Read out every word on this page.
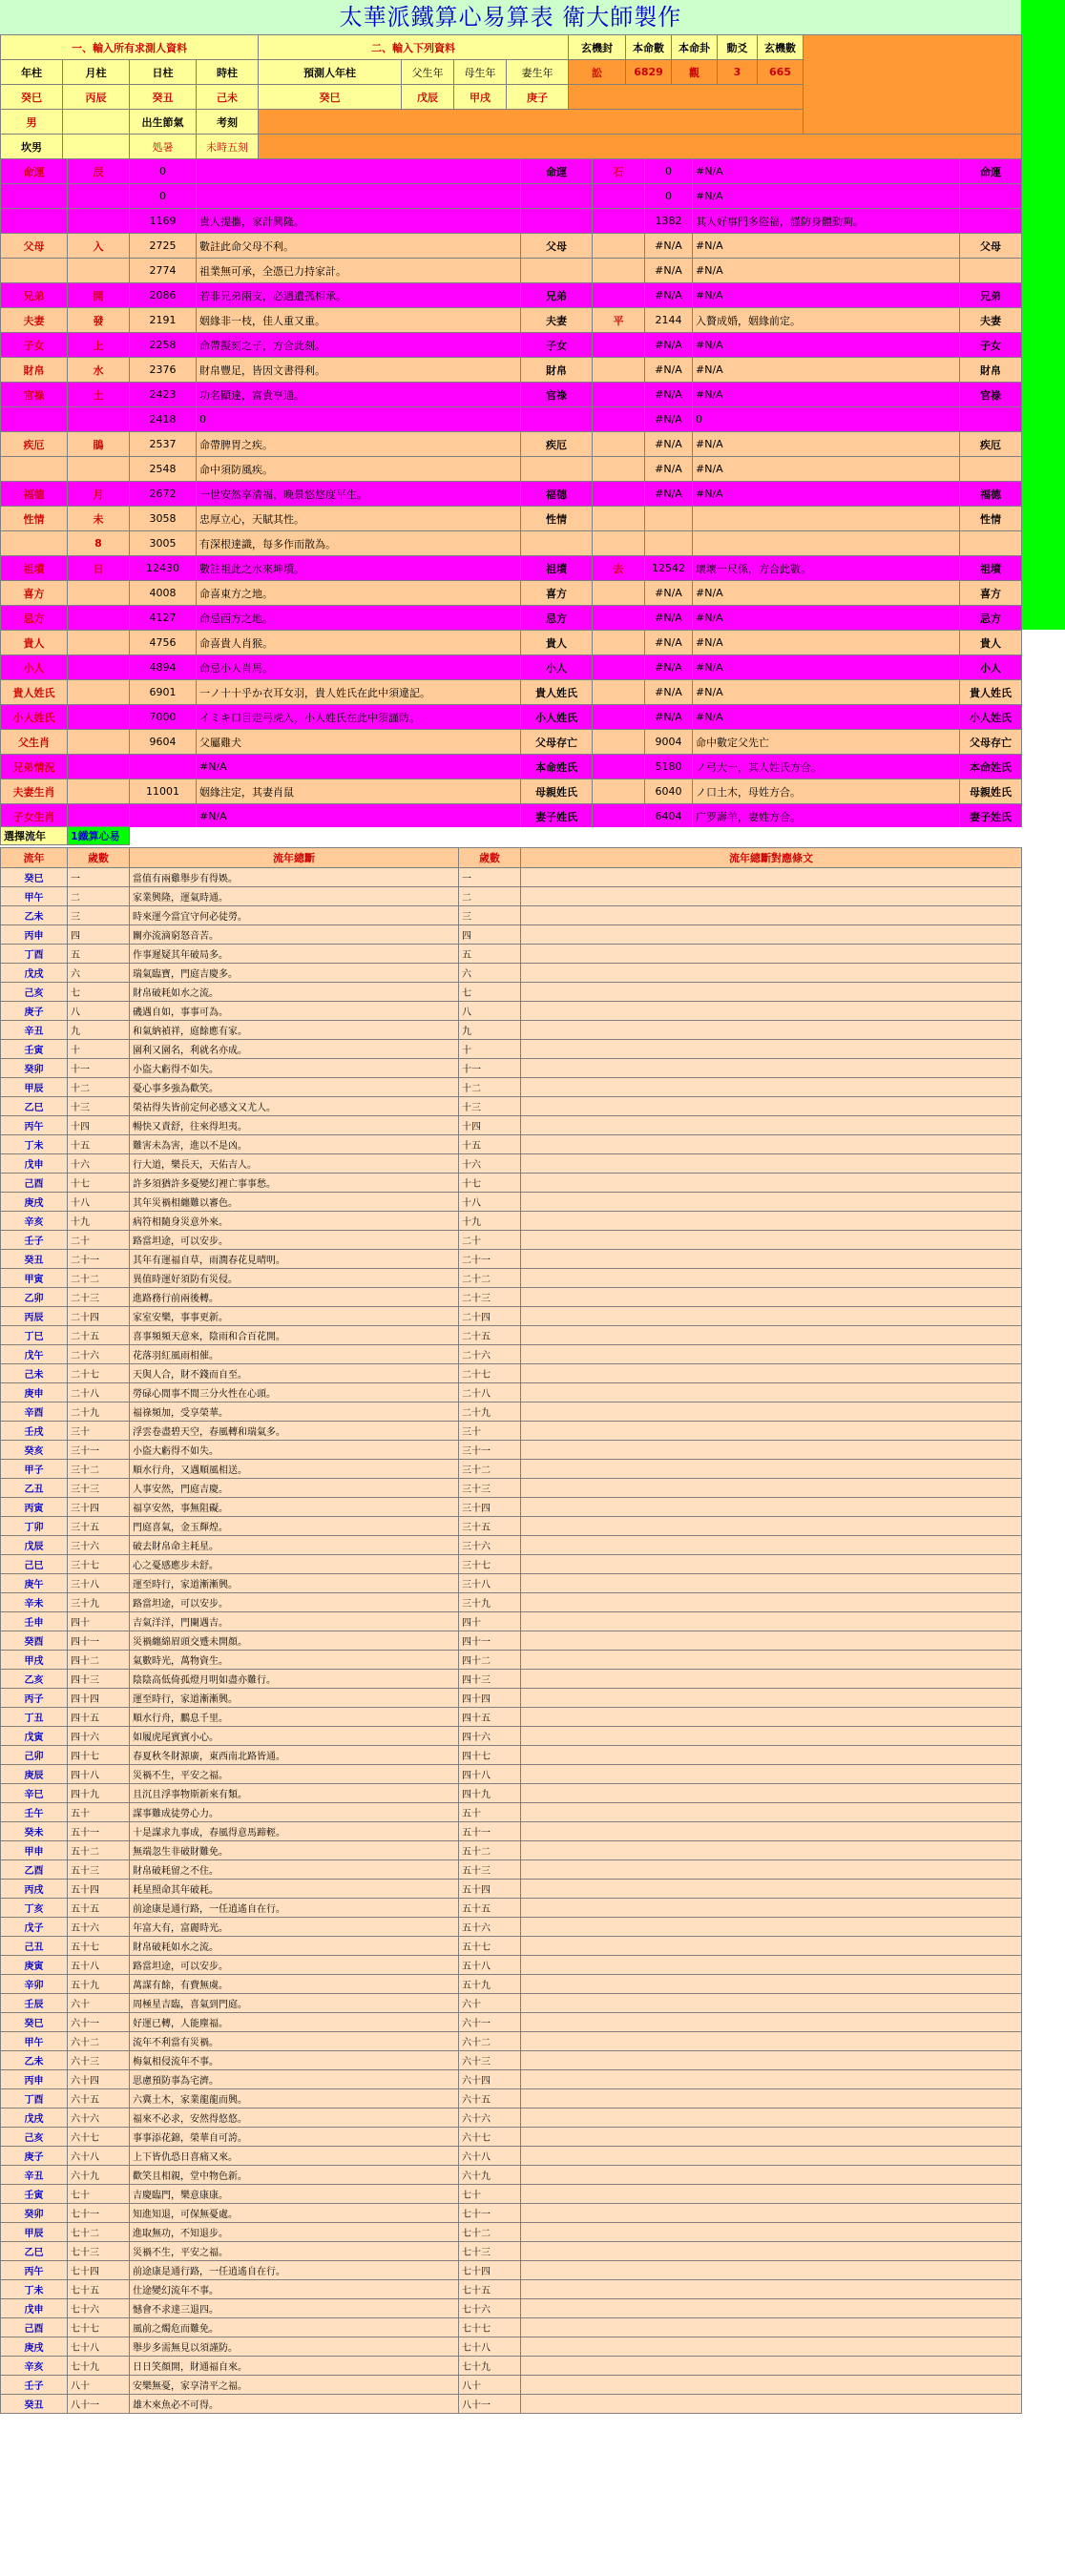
太華派鐵算心易算表 衛大師製作
一、輸入所有求測人資料				二、輸入下列資料				玄機封	本命數	本命卦	動爻	玄機數	
年柱	月柱	日柱	時柱	預測人年柱	父生年	母生年	妻生年	訟	6829	觀	3	665	
癸巳	丙辰	癸丑	己未	癸巳	戊辰	甲戌	庚子						
男		出生節氣	考刻										
坎男		処暑	未時五刻										
命運	辰	0		命運	石	0	#N/A	命運
		0				0	#N/A	
		1169	貴人提攜，家計興隆。			1382	其人好事門多盜福，謹防身體動夠。	
父母	入	2725	數註此命父母不利。	父母		#N/A	#N/A	父母
		2774	祖業無可承，全憑已力持家計。			#N/A	#N/A	
兄弟	開	2086	若非兄弟兩支，必遇遺孤相承。	兄弟		#N/A	#N/A	兄弟
夫妻	發	2191	姻緣非一枝，佳人重又重。	夫妻	平	2144	入贅成婚，姻緣前定。	夫妻
子女	上	2258	命帶擬刻之子，方合此刻。	子女		#N/A	#N/A	子女
財帛	水	2376	財帛豐足，皆因文書得利。	財帛		#N/A	#N/A	財帛
官祿	土	2423	功名顯達，富貴亨通。	官祿		#N/A	#N/A	官祿
		2418	0			#N/A	0	
疾厄	鵑	2537	命帶脾胃之疾。	疾厄		#N/A	#N/A	疾厄
		2548	命中須防風疾。			#N/A	#N/A	
福德	月	2672	一世安然享清福，晚景悠悠度平生。	福德		#N/A	#N/A	福德
性情	未	3058	忠厚立心，天賦其性。	性情				性情
	8	3005	有深根達識，每多作而散為。					
祖墳	日	12430	數註祖此之水來坤墳。	祖墳	去	12542	壞壞一尺係，方合此數。	祖墳
喜方		4008	命喜東方之地。	喜方		#N/A	#N/A	喜方
忌方		4127	命忌西方之地。	忌方		#N/A	#N/A	忌方
貴人		4756	命喜貴人肖猴。	貴人		#N/A	#N/A	貴人
小人		4894	命忌小人肖馬。	小人		#N/A	#N/A	小人
貴人姓氏		6901	一ノ十十乎か衣耳女羽，貴人姓氏在此中須違記。	貴人姓氏		#N/A	#N/A	貴人姓氏
小人姓氏		7000	イミキ口目走弓虎入，小人姓氏在此中須謹防。	小人姓氏		#N/A	#N/A	小人姓氏
父生肖		9604	父屬雞犬	父母存亡		9004	命中數定父先亡	父母存亡
兄弟情況			#N/A	本命姓氏		5180	ノ弓大一，其人姓氏方合。	本命姓氏
夫妻生肖		11001	姻緣注定，其妻肖鼠	母親姓氏		6040	ノ口土木，母姓方合。	母親姓氏
子女生肖			#N/A	妻子姓氏		6404	广罗壽羊，妻姓方合。	妻子姓氏
選擇流年	1鐵算心易	
流年	歲數	流年總斷	歲數	流年總斷對應條文
癸巳	一	當值有兩雞舉步有得娛。	一	
甲午	二	家業興隆，運氣時通。	二	
乙未	三	時來運今當宜守何必徒勞。	三	
丙申	四	關亦流滴窮怒音苦。	四	
丁酉	五	作事遲疑其年破局多。	五	
戊戌	六	瑞氣臨寶，門庭吉慶多。	六	
己亥	七	財帛破耗如水之流。	七	
庚子	八	磯遇自如，事事可為。	八	
辛丑	九	和氣納禎祥，庭餘應有家。	九	
壬寅	十	園利又園名，利就名亦成。	十	
癸卯	十一	小盜大虧得不如失。	十一	
甲辰	十二	憂心事多強為歡笑。	十二	
乙巳	十三	榮祜得失皆前定何必感文又尤人。	十三	
丙午	十四	暢快又責舒，往來得坦夷。	十四	
丁未	十五	難害未為害，進以不是凶。	十五	
戊申	十六	行大道，樂長天，天佑吉人。	十六	
己酉	十七	許多須猶許多憂變幻裡亡事事愁。	十七	
庚戌	十八	其年災禍相纏難以審色。	十八	
辛亥	十九	病符相隨身災意外來。	十九	
壬子	二十	路當坦途，可以安步。	二十	
癸丑	二十一	其年有運福自草，雨潤春花見晴明。	二十一	
甲寅	二十二	異值時運好須防有災侵。	二十二	
乙卯	二十三	進路務行前兩後轉。	二十三	
丙辰	二十四	家室安樂，事事更新。	二十四	
丁巳	二十五	喜事頻頻天意來，陰雨和合百花開。	二十五	
戊午	二十六	花落羽紅風雨相催。	二十六	
己未	二十七	天與人合，財不錢而自至。	二十七	
庚申	二十八	勞碌心閒事不閒三分火性在心頭。	二十八	
辛酉	二十九	福祿頻加，受享榮華。	二十九	
壬戌	三十	浮雲卷盡碧天空，春風轉和瑞氣多。	三十	
癸亥	三十一	小盜大虧得不如失。	三十一	
甲子	三十二	順水行舟，又遇順風相送。	三十二	
乙丑	三十三	人事安然，門庭吉慶。	三十三	
丙寅	三十四	福享安然，事無阻礙。	三十四	
丁卯	三十五	門庭喜氣，金玉輝煌。	三十五	
戊辰	三十六	破去財帛命主耗星。	三十六	
己巳	三十七	心之憂感應步未舒。	三十七	
庚午	三十八	運至時行，家道漸漸興。	三十八	
辛未	三十九	路當坦途，可以安步。	三十九	
壬申	四十	吉氣洋洋，門闌遇吉。	四十	
癸酉	四十一	災禍纏綿眉頭交蹙未開顏。	四十一	
甲戌	四十二	氣數時光，萬物資生。	四十二	
乙亥	四十三	陰陰高低倚孤燈月明如盡亦難行。	四十三	
丙子	四十四	運至時行，家道漸漸興。	四十四	
丁丑	四十五	順水行舟，鵬息千里。	四十五	
戊寅	四十六	如履虎尾賓賓小心。	四十六	
己卯	四十七	春夏秋冬財源廣，東西南北路皆通。	四十七	
庚辰	四十八	災禍不生，平安之福。	四十八	
辛巳	四十九	且沉且浮事物斯新來有類。	四十九	
壬午	五十	謀事難成徒勞心力。	五十	
癸未	五十一	十是謀求九事成，春風得意馬蹄輕。	五十一	
甲申	五十二	無端忽生非破財難免。	五十二	
乙酉	五十三	財帛破耗留之不住。	五十三	
丙戌	五十四	耗星照命其年破耗。	五十四	
丁亥	五十五	前途康是通行路，一任逍遙自在行。	五十五	
戊子	五十六	年富大有，富麗時光。	五十六	
己丑	五十七	財帛破耗如水之流。	五十七	
庚寅	五十八	路當坦途，可以安步。	五十八	
辛卯	五十九	萬謀有餘，有費無虞。	五十九	
壬辰	六十	周極星吉臨，喜氣到門庭。	六十	
癸巳	六十一	好運已轉，人能塵福。	六十一	
甲午	六十二	流年不利當有災禍。	六十二	
乙未	六十三	梅氣相侵流年不事。	六十三	
丙申	六十四	思慮預防事為宅濟。	六十四	
丁酉	六十五	六冀土木，家業龍龍而興。	六十五	
戊戌	六十六	福來不必求，安然得悠悠。	六十六	
己亥	六十七	事事添花錦，榮華自可誇。	六十七	
庚子	六十八	上下皆仇恐日喜痛又來。	六十八	
辛丑	六十九	歡笑且相親，堂中物色新。	六十九	
壬寅	七十	吉慶臨門，樂意康康。	七十	
癸卯	七十一	知進知退，可保無憂處。	七十一	
甲辰	七十二	進取無功，不知退步。	七十二	
乙巳	七十三	災禍不生，平安之福。	七十三	
丙午	七十四	前途康是通行路，一任逍遙自在行。	七十四	
丁未	七十五	仕途變幻流年不事。	七十五	
戊申	七十六	憾會不求達三退四。	七十六	
己酉	七十七	風前之燭危而難免。	七十七	
庚戌	七十八	舉步多需無見以須謹防。	七十八	
辛亥	七十九	日日笑顏開，財通福自來。	七十九	
壬子	八十	安樂無憂，家享清平之福。	八十	
癸丑	八十一	雄木來魚必不可得。	八十一	
